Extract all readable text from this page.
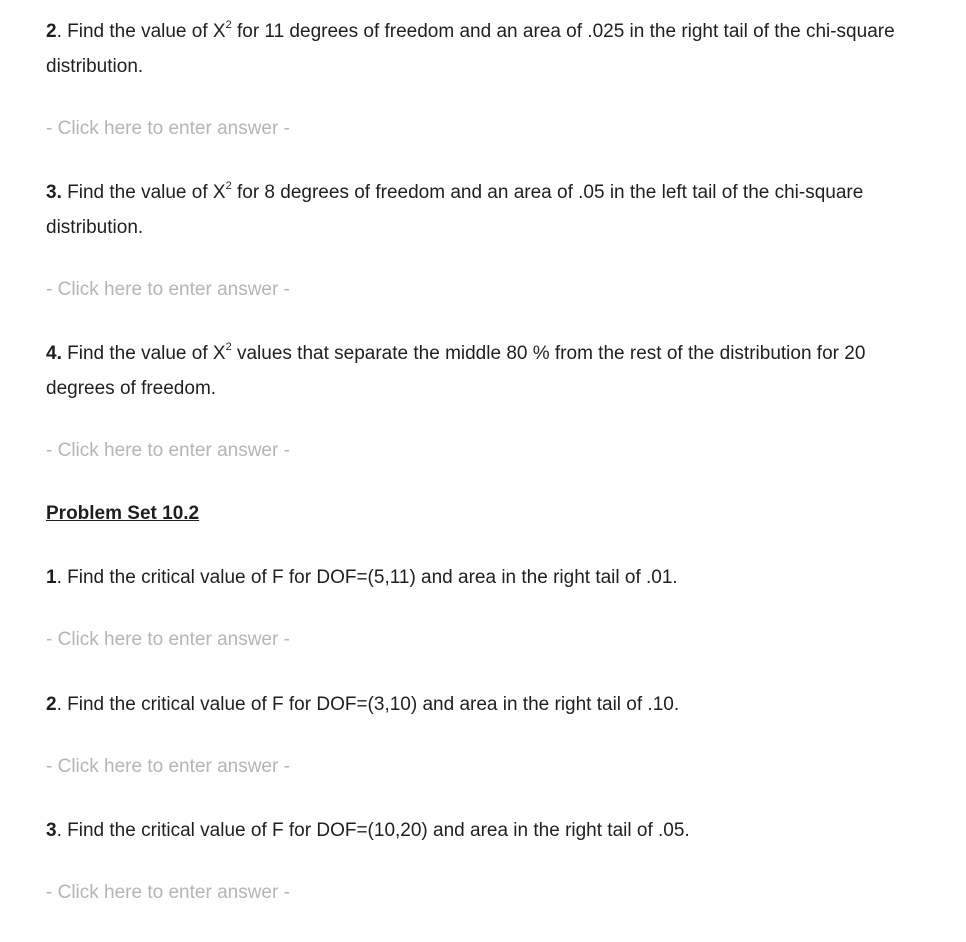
2. Find the value of $X^2$ for 11 degrees of freedom and an area of .025 in the right tail of the chi-square distribution.

- Click here to enter answer -

3. Find the value of $X^2$ for 8 degrees of freedom and an area of .05 in the left tail of the chi-square distribution.

- Click here to enter answer -

4. Find the value of $X^2$ values that separate the middle 80 % from the rest of the distribution for 20 degrees of freedom.

- Click here to enter answer -
Problem Set 10.2

1. Find the critical value of F for DOF=(5,11) and area in the right tail of .01.

- Click here to enter answer -

2. Find the critical value of F for DOF=(3,10) and area in the right tail of .10.

- Click here to enter answer -

3. Find the critical value of F for DOF=(10,20) and area in the right tail of .05.

- Click here to enter answer -
